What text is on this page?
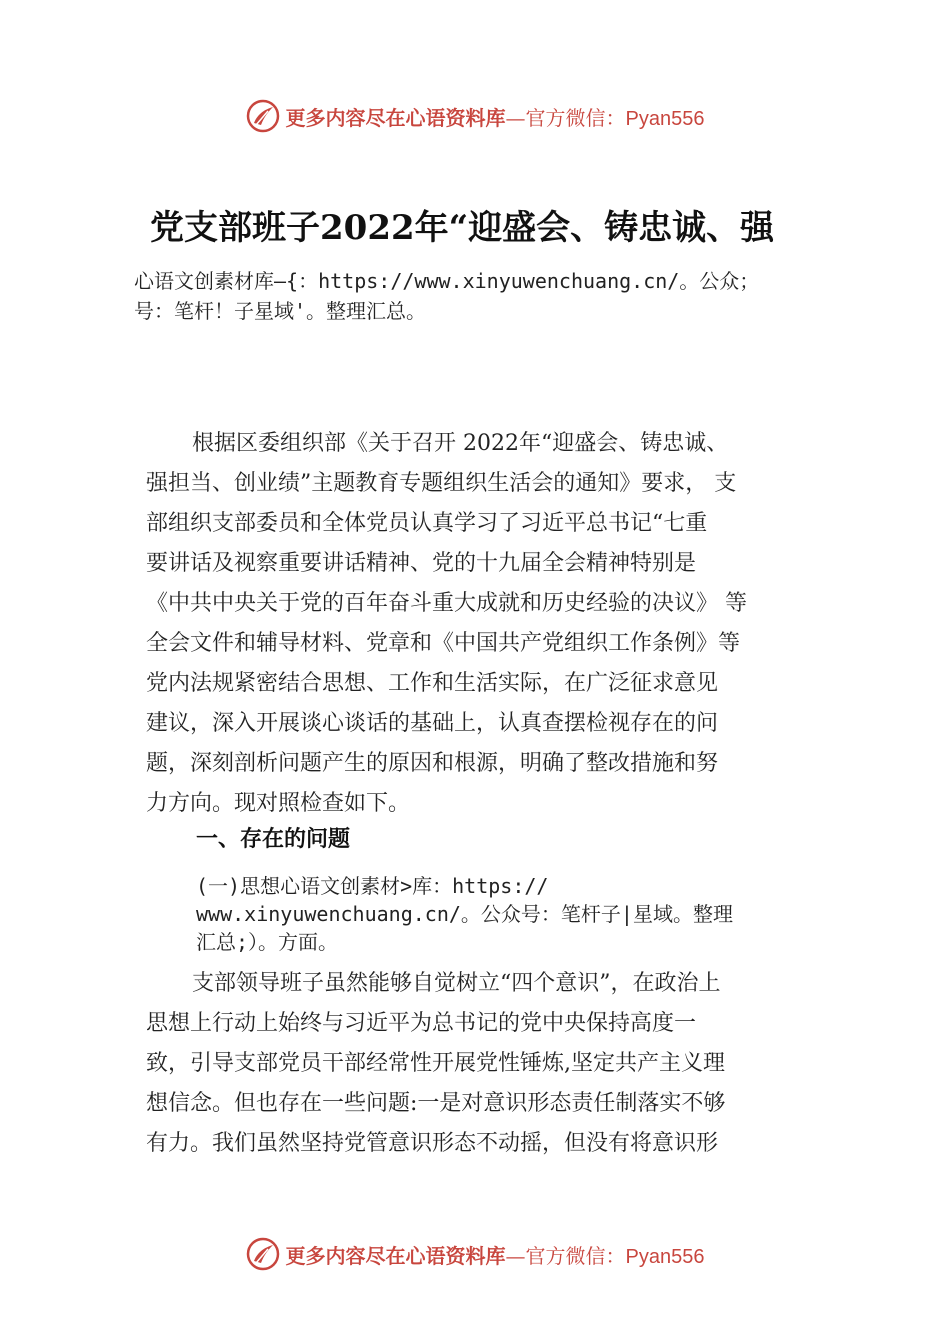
更多内容尽在心语资料库—官方微信：Pyan556
党支部班子2022年“迎盛会、铸忠诚、强

心语文创素材库—{：https://www.xinyuwenchuang.cn/。公众；

号：笔杆！子星域'。整理汇总。

根据区委组织部《关于召开 2022年“迎盛会、铸忠诚、

强担当、创业绩”主题教育专题组织生活会的通知》要求， 支

部组织支部委员和全体党员认真学习了习近平总书记“七重

要讲话及视察重要讲话精神、党的十九届全会精神特别是

《中共中央关于党的百年奋斗重大成就和历史经验的决议》 等

全会文件和辅导材料、党章和《中国共产党组织工作条例》等

党内法规紧密结合思想、工作和生活实际，在广泛征求意见

建议，深入开展谈心谈话的基础上，认真查摆检视存在的问

题，深刻剖析问题产生的原因和根源，明确了整改措施和努

力方向。现对照检查如下。

一、存在的问题

(一)思想心语文创素材>库：https://

www.xinyuwenchuang.cn/。公众号：笔杆子|星域。整理

汇总;）。方面。

支部领导班子虽然能够自觉树立“四个意识”，在政治上

思想上行动上始终与习近平为总书记的党中央保持高度一

致，引导支部党员干部经常性开展党性锤炼,坚定共产主义理

想信念。但也存在一些问题:一是对意识形态责任制落实不够

有力。我们虽然坚持党管意识形态不动摇，但没有将意识形

更多内容尽在心语资料库—官方微信：Pyan556
